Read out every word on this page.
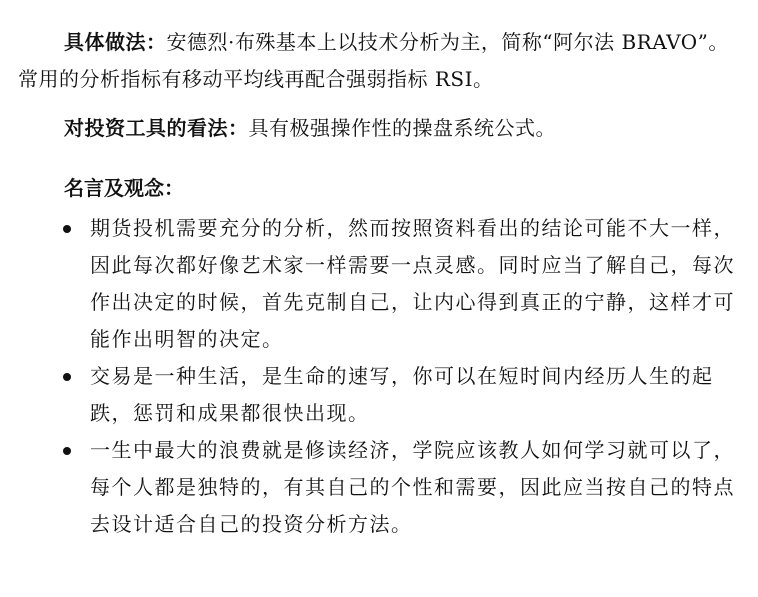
具体做法：安德烈·布殊基本上以技术分析为主，简称“阿尔法 BRAVO”。常用的分析指标有移动平均线再配合强弱指标 RSI。

对投资工具的看法：具有极强操作性的操盘系统公式。

名言及观念：

期货投机需要充分的分析，然而按照资料看出的结论可能不大一样，因此每次都好像艺术家一样需要一点灵感。同时应当了解自己，每次作出决定的时候，首先克制自己，让内心得到真正的宁静，这样才可能作出明智的决定。
交易是一种生活，是生命的速写，你可以在短时间内经历人生的起跌，惩罚和成果都很快出现。
一生中最大的浪费就是修读经济，学院应该教人如何学习就可以了，每个人都是独特的，有其自己的个性和需要，因此应当按自己的特点去设计适合自己的投资分析方法。
